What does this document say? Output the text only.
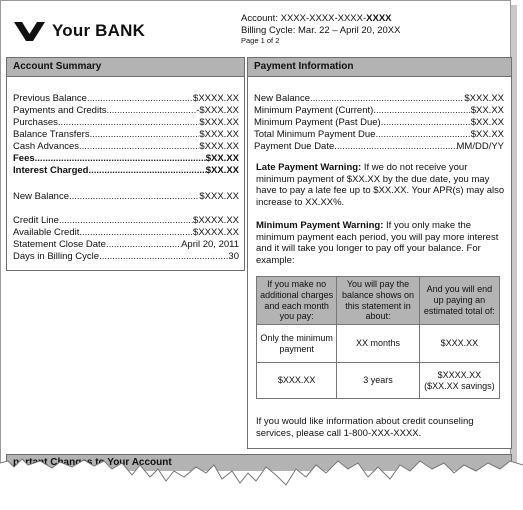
Your BANK
Account: XXXX-XXXX-XXXX-XXXX
Billing Cycle: Mar. 22 – April 20, 20XX
Page 1 of 2
Account Summary
Previous Balance .....	$XXXX.XX
Payments and Credits .....	-$XXX.XX
Purchases .....	$XXX.XX
Balance Transfers .....	$XXX.XX
Cash Advances .....	$XXX.XX
Fees .....	$XX.XX
Interest Charged .....	$XX.XX
New Balance .....	$XXX.XX
Credit Line .....	$XXXX.XX
Available Credit .....	$XXXX.XX
Statement Close Date .....	April 20, 2011
Days in Billing Cycle .....	30
Payment Information
New Balance .....	$XXX.XX
Minimum Payment (Current) .....	$XX.XX
Minimum Payment (Past Due) .....	$XX.XX
Total Minimum Payment Due .....	$XX.XX
Payment Due Date .....	MM/DD/YY
Late Payment Warning: If we do not receive your minimum payment of $XX.XX by the due date, you may have to pay a late fee up to $XX.XX. Your APR(s) may also increase to XX.XX%.
Minimum Payment Warning: If you only make the minimum payment each period, you will pay more interest and it will take you longer to pay off your balance. For example:
If you make no additional charges and each month you pay:	You will pay the balance shows on this statement in about:	And you will end up paying an estimated total of:
Only the minimum payment	XX months	$XXX.XX
$XXX.XX	3 years	$XXXX.XX ($XX.XX savings)
If you would like information about credit counseling services, please call 1-800-XXX-XXXX.
portant Changes to Your Account
